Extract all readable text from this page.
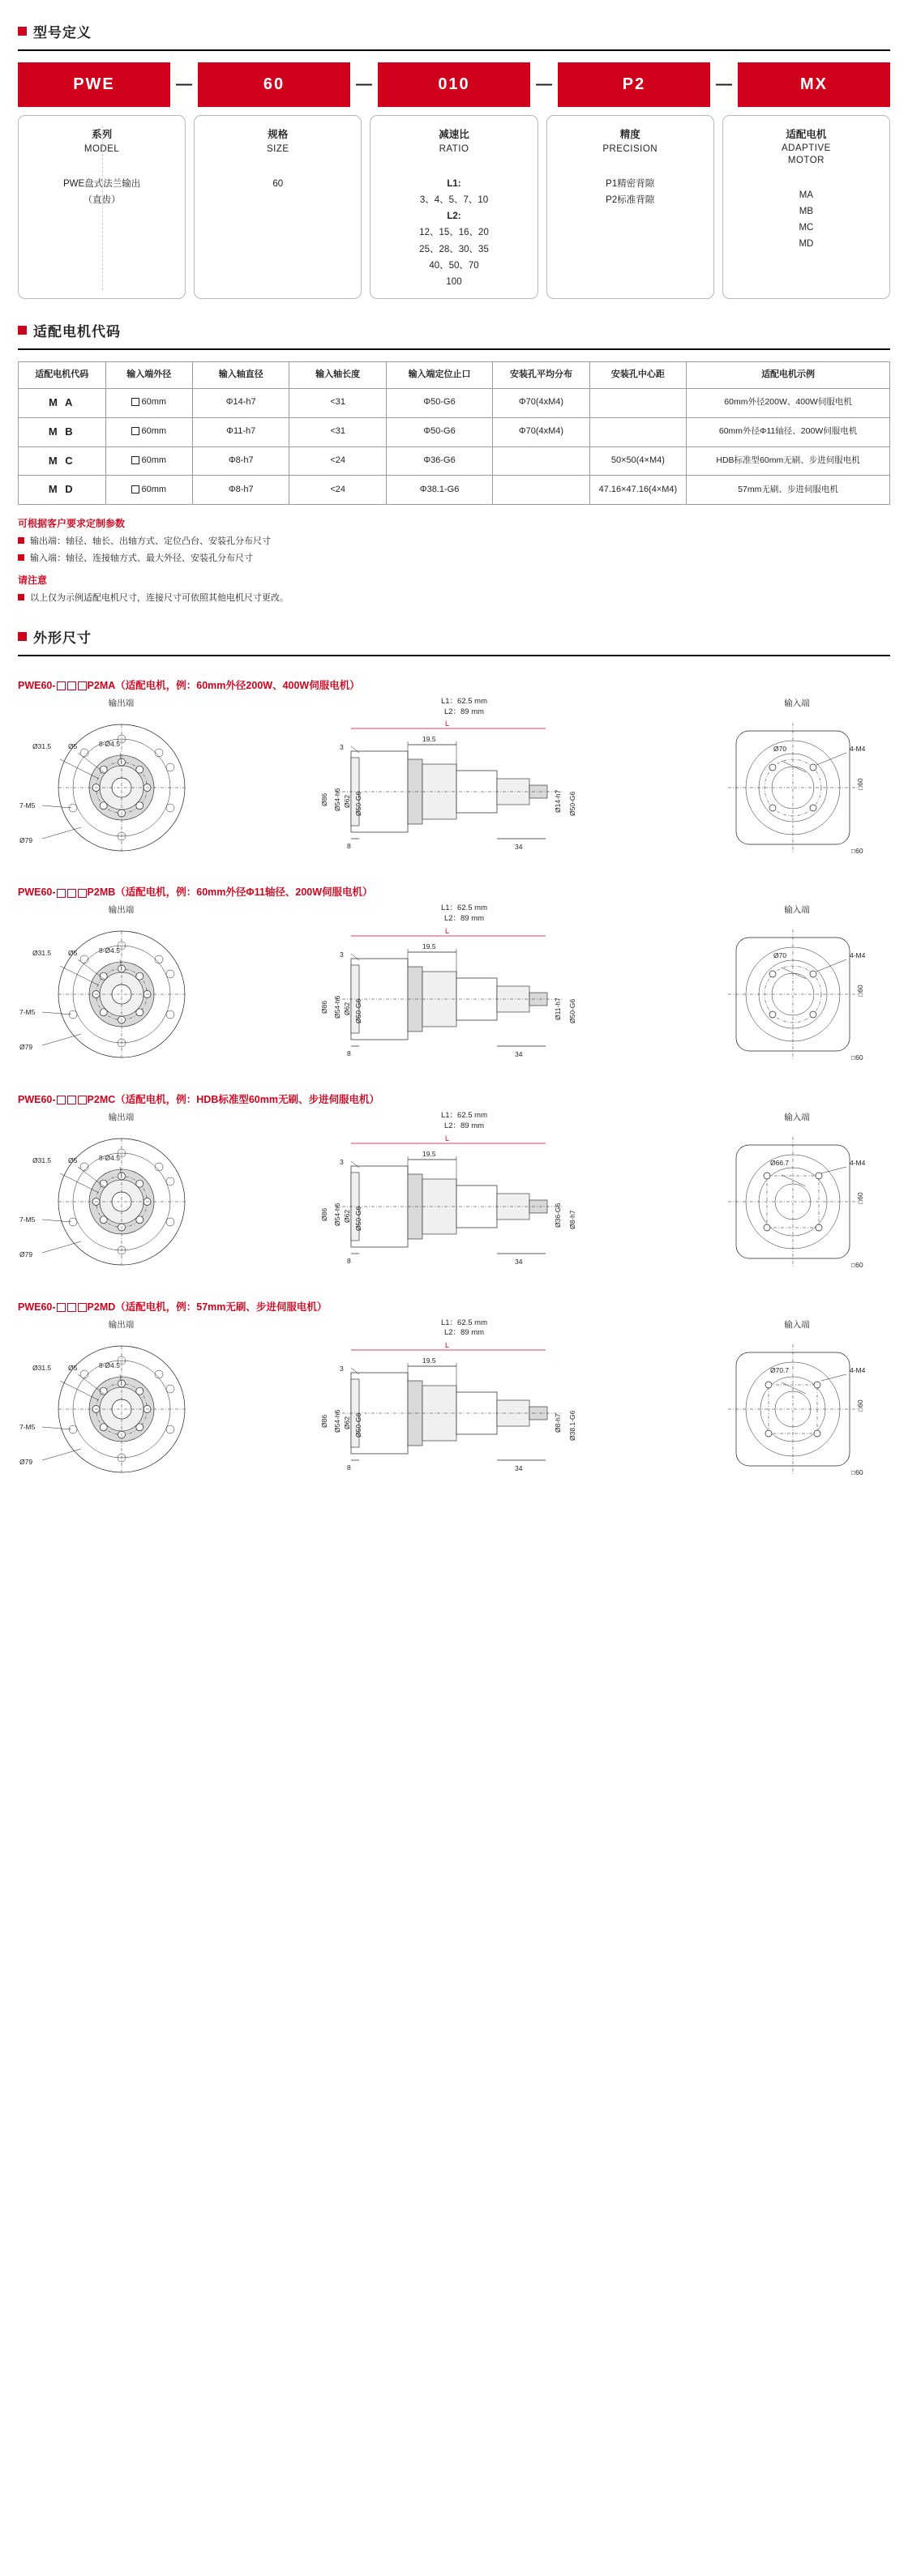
型号定义
PWE	—	60	—	010	—	P2	—	MX
系列
MODEL
PWE盘式法兰输出
（直齿）
规格
SIZE
60
减速比
RATIO
L1:
3、4、5、7、10
L2:
12、15、16、20
25、28、30、35
40、50、70
100
精度
PRECISION
P1精密背隙
P2标准背隙
适配电机
ADAPTIVE
MOTOR
MA
MB
MC
MD
适配电机代码
适配电机代码	输入端外径	输入轴直径	输入轴长度	输入端定位止口	安装孔平均分布	安装孔中心距	适配电机示例
M A	60mm	Φ14-h7	<31	Φ50-G6	Φ70(4xM4)		60mm外径200W、400W伺服电机
M B	60mm	Φ11-h7	<31	Φ50-G6	Φ70(4xM4)		60mm外径Φ11轴径、200W伺服电机
M C	60mm	Φ8-h7	<24	Φ36-G6		50×50(4×M4)	HDB标准型60mm无刷、步进伺服电机
M D	60mm	Φ8-h7	<24	Φ38.1-G6		47.16×47.16(4×M4)	57mm无刷、步进伺服电机
可根据客户要求定制参数
输出端：轴径、轴长、出轴方式、定位凸台、安装孔分布尺寸
输入端：轴径、连接轴方式、最大外径、安装孔分布尺寸
请注意
以上仅为示例适配电机尺寸，连接尺寸可依照其他电机尺寸更改。
外形尺寸
PWE60-	P2MA（适配电机，例：60mm外径200W、400W伺服电机）
输出端
Ø31.5 Ø5	8-Ø4.5
7-M5
Ø79
L1：62.5 mm
L2：89 mm
L
19.5
3
Ø86 Ø54-h6 Ø62 Ø50-G6	Ø14-h7 Ø50-G6
8	34
输入端
Ø70	4-M4
□60
□60
PWE60-	P2MB（适配电机，例：60mm外径Φ11轴径、200W伺服电机）
输出端
Ø31.5 Ø5	8-Ø4.5
7-M5
Ø79
L1：62.5 mm
L2：89 mm
L
19.5
3
Ø86 Ø54-h6 Ø62 Ø50-G6	Ø11-h7 Ø50-G6
8	34
输入端
Ø70	4-M4
□60
□60
PWE60-	P2MC（适配电机，例：HDB标准型60mm无刷、步进伺服电机）
输出端
Ø31.5 Ø5	8-Ø4.5
7-M5
Ø79
L1：62.5 mm
L2：89 mm
L
19.5
3
Ø86 Ø54-h6 Ø62 Ø50-G6	Ø36-G6 Ø8-h7
8	34
输入端
Ø66.7	4-M4
□60
□60
PWE60-	P2MD（适配电机，例：57mm无刷、步进伺服电机）
输出端
Ø31.5 Ø5	8-Ø4.5
7-M5
Ø79
L1：62.5 mm
L2：89 mm
L
19.5
3
Ø86 Ø54-h6 Ø62 Ø50-G6	Ø8-h7 Ø38.1-G6
8	34
输入端
Ø70.7	4-M4
□60
□60
